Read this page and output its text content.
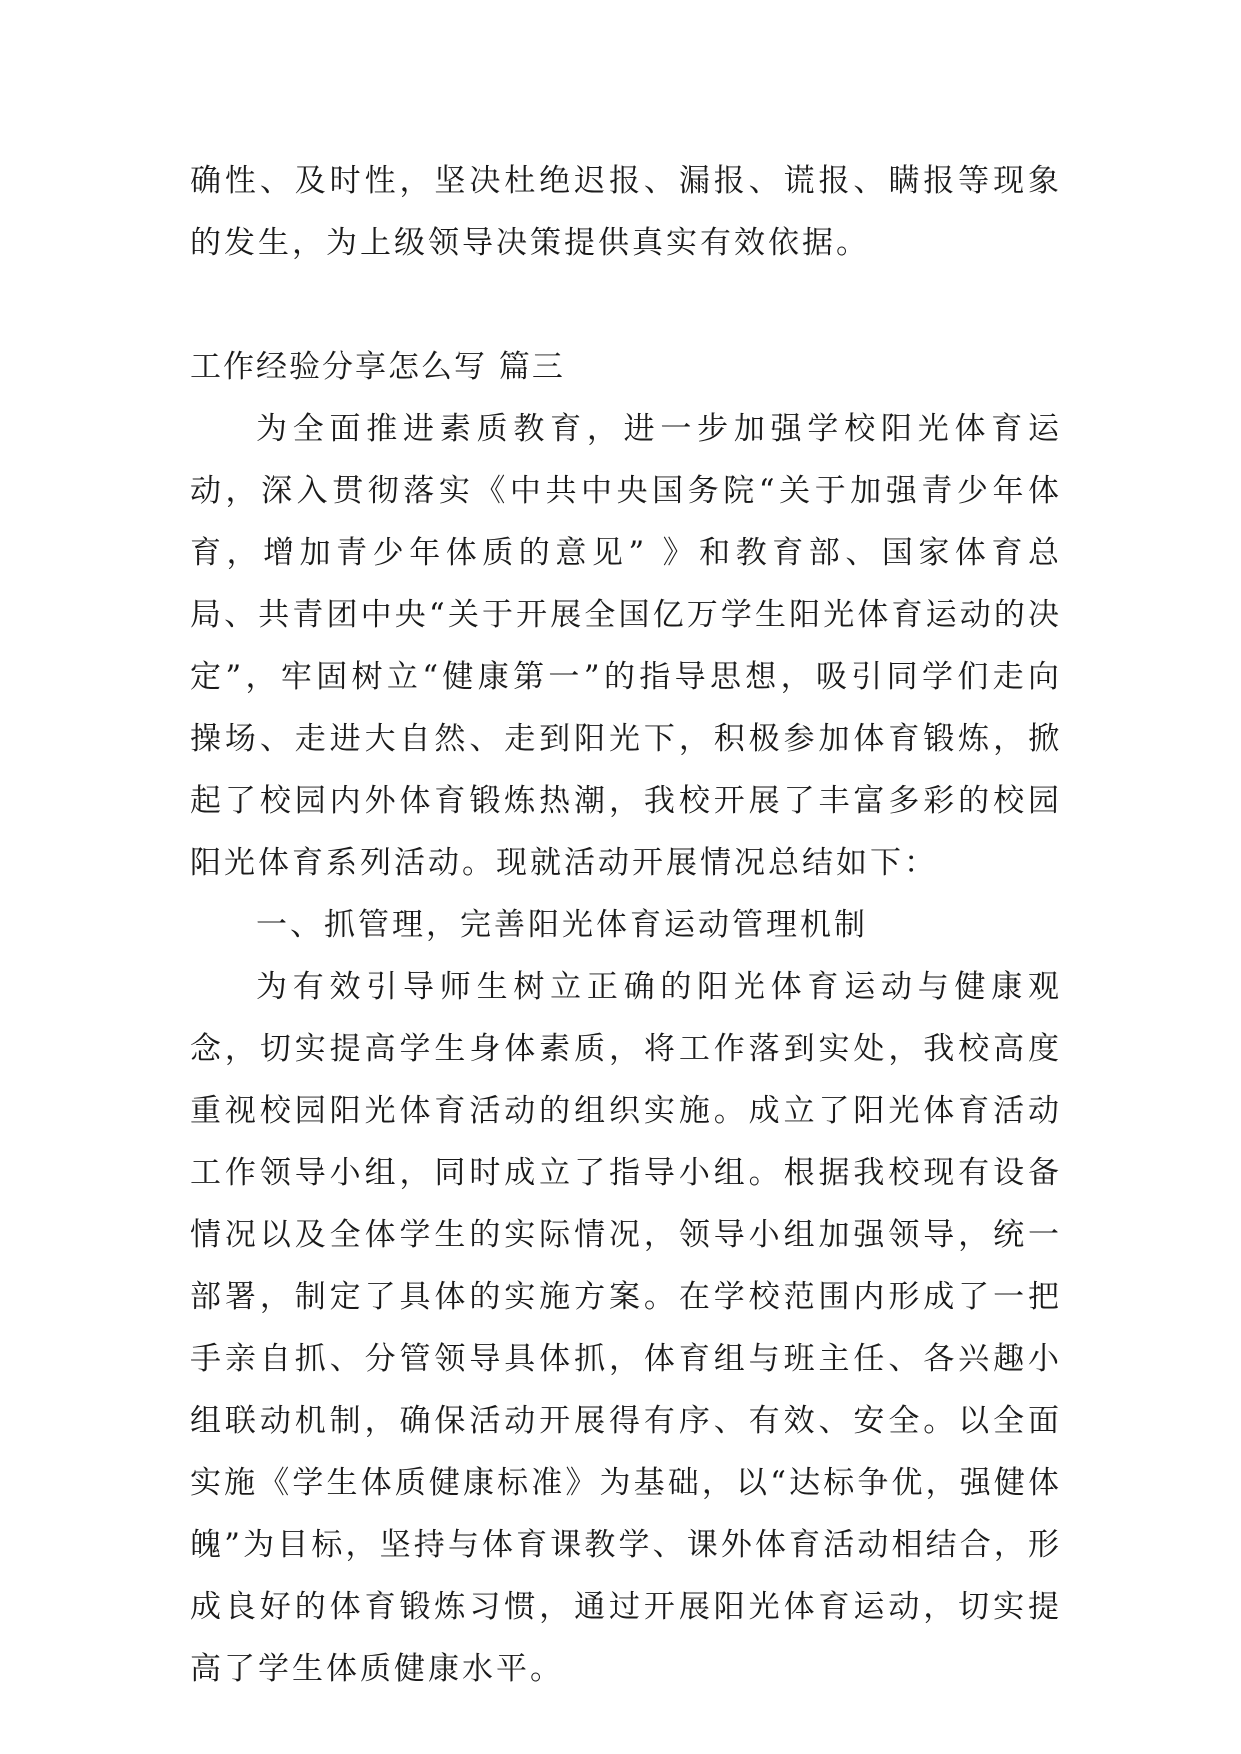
确性、及时性，坚决杜绝迟报、漏报、谎报、瞒报等现象的发生，为上级领导决策提供真实有效依据。

工作经验分享怎么写 篇三

为全面推进素质教育，进一步加强学校阳光体育运动，深入贯彻落实《中共中央国务院“关于加强青少年体育，增加青少年体质的意见” 》和教育部、国家体育总局、共青团中央“关于开展全国亿万学生阳光体育运动的决定”，牢固树立“健康第一”的指导思想，吸引同学们走向操场、走进大自然、走到阳光下，积极参加体育锻炼，掀起了校园内外体育锻炼热潮，我校开展了丰富多彩的校园阳光体育系列活动。现就活动开展情况总结如下：

一、抓管理，完善阳光体育运动管理机制

为有效引导师生树立正确的阳光体育运动与健康观念，切实提高学生身体素质，将工作落到实处，我校高度重视校园阳光体育活动的组织实施。成立了阳光体育活动工作领导小组，同时成立了指导小组。根据我校现有设备情况以及全体学生的实际情况，领导小组加强领导，统一部署，制定了具体的实施方案。在学校范围内形成了一把手亲自抓、分管领导具体抓，体育组与班主任、各兴趣小组联动机制，确保活动开展得有序、有效、安全。以全面实施《学生体质健康标准》为基础，以“达标争优，强健体魄”为目标，坚持与体育课教学、课外体育活动相结合，形成良好的体育锻炼习惯，通过开展阳光体育运动，切实提高了学生体质健康水平。
